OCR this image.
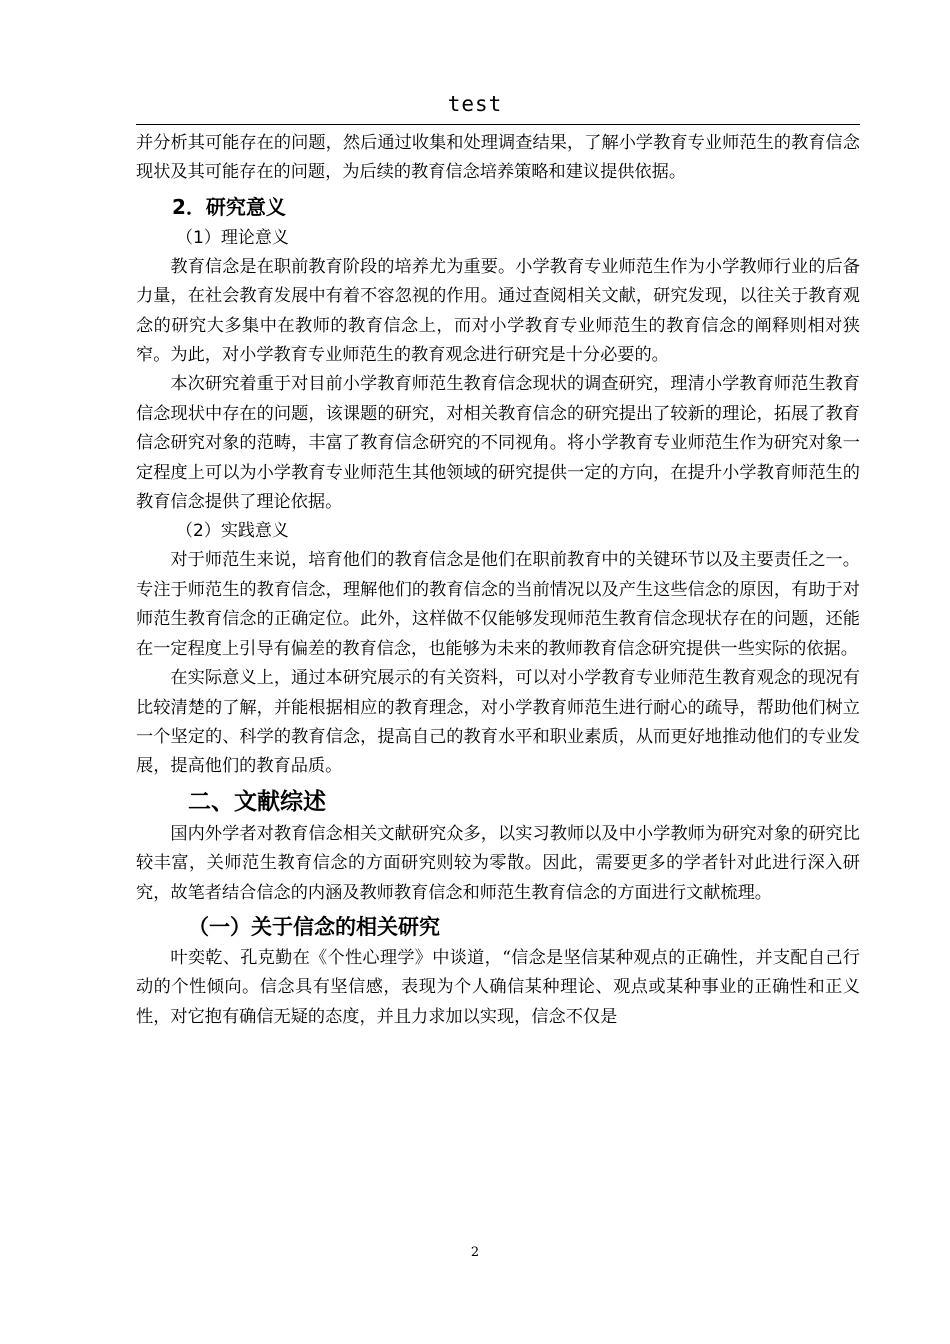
test

并分析其可能存在的问题，然后通过收集和处理调查结果，了解小学教育专业师范生的教育信念现状及其可能存在的问题，为后续的教育信念培养策略和建议提供依据。

2．研究意义
（1）理论意义

教育信念是在职前教育阶段的培养尤为重要。小学教育专业师范生作为小学教师行业的后备力量，在社会教育发展中有着不容忽视的作用。通过查阅相关文献，研究发现，以往关于教育观念的研究大多集中在教师的教育信念上，而对小学教育专业师范生的教育信念的阐释则相对狭窄。为此，对小学教育专业师范生的教育观念进行研究是十分必要的。

本次研究着重于对目前小学教育师范生教育信念现状的调查研究，理清小学教育师范生教育信念现状中存在的问题，该课题的研究，对相关教育信念的研究提出了较新的理论，拓展了教育信念研究对象的范畴，丰富了教育信念研究的不同视角。将小学教育专业师范生作为研究对象一定程度上可以为小学教育专业师范生其他领域的研究提供一定的方向，在提升小学教育师范生的教育信念提供了理论依据。

（2）实践意义

对于师范生来说，培育他们的教育信念是他们在职前教育中的关键环节以及主要责任之一。专注于师范生的教育信念，理解他们的教育信念的当前情况以及产生这些信念的原因，有助于对师范生教育信念的正确定位。此外，这样做不仅能够发现师范生教育信念现状存在的问题，还能在一定程度上引导有偏差的教育信念，也能够为未来的教师教育信念研究提供一些实际的依据。

在实际意义上，通过本研究展示的有关资料，可以对小学教育专业师范生教育观念的现况有比较清楚的了解，并能根据相应的教育理念，对小学教育师范生进行耐心的疏导，帮助他们树立一个坚定的、科学的教育信念，提高自己的教育水平和职业素质，从而更好地推动他们的专业发展，提高他们的教育品质。

二、文献综述

国内外学者对教育信念相关文献研究众多，以实习教师以及中小学教师为研究对象的研究比较丰富，关师范生教育信念的方面研究则较为零散。因此，需要更多的学者针对此进行深入研究，故笔者结合信念的内涵及教师教育信念和师范生教育信念的方面进行文献梳理。

（一）关于信念的相关研究

叶奕乾、孔克勤在《个性心理学》中谈道，“信念是坚信某种观点的正确性，并支配自己行动的个性倾向。信念具有坚信感，表现为个人确信某种理论、观点或某种事业的正确性和正义性，对它抱有确信无疑的态度，并且力求加以实现，信念不仅是

2
